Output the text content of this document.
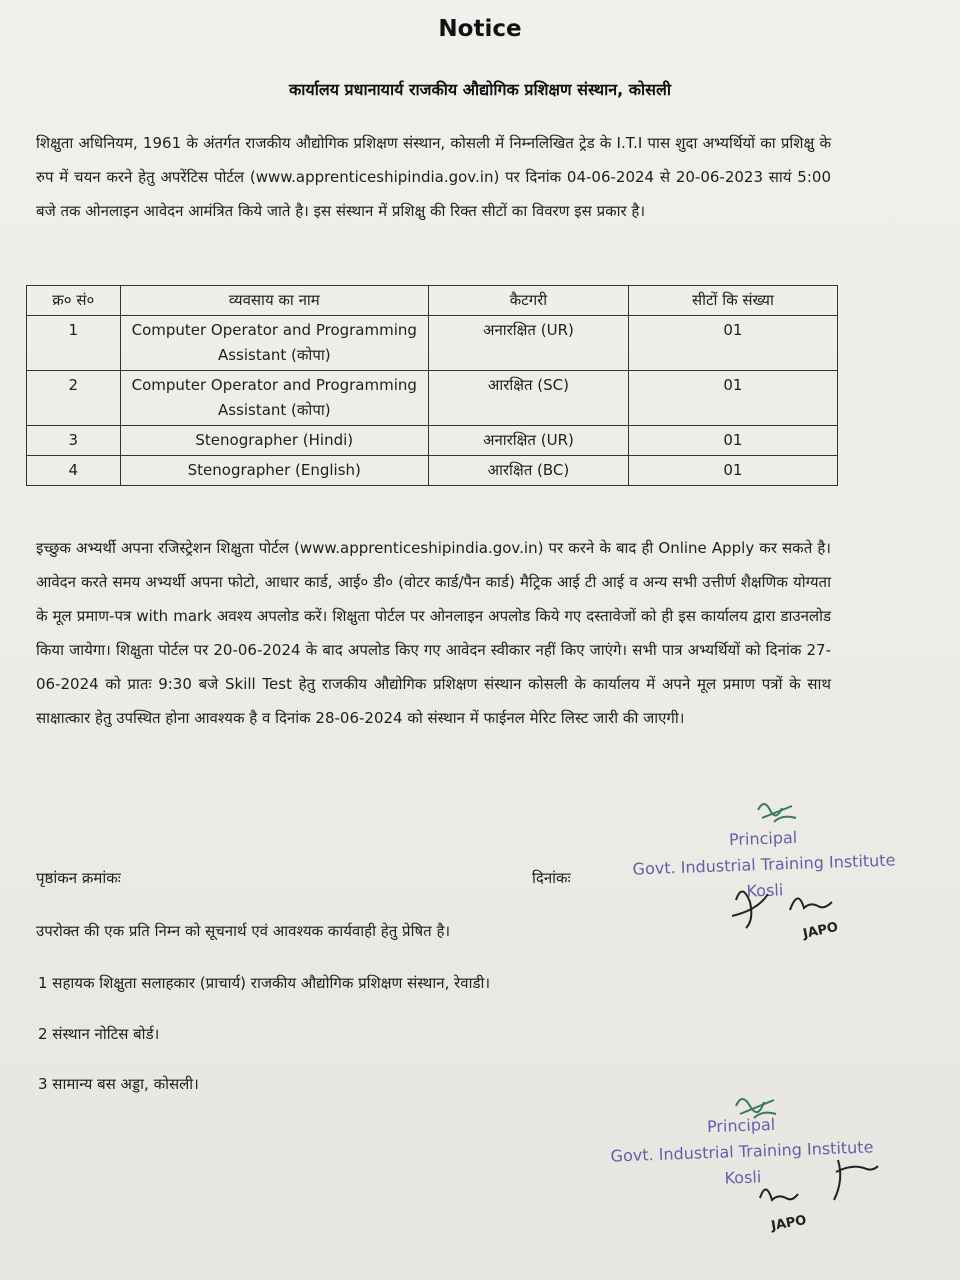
Notice
कार्यालय प्रधानायार्य राजकीय औद्योगिक प्रशिक्षण संस्थान, कोसली

शिक्षुता अधिनियम, 1961 के अंतर्गत राजकीय औद्योगिक प्रशिक्षण संस्थान, कोसली में निम्नलिखित ट्रेड के I.T.I पास शुदा अभ्यर्थियों का प्रशिक्षु के रुप में चयन करने हेतु अपरेंटिस पोर्टल (www.apprenticeshipindia.gov.in) पर दिनांक 04-06-2024 से 20-06-2023 सायं 5:00 बजे तक ओनलाइन आवेदन आमंत्रित किये जाते है। इस संस्थान में प्रशिक्षु की रिक्त सीटों का विवरण इस प्रकार है।

क्र० सं०	व्यवसाय का नाम	कैटगरी	सीटों कि संख्या
1	Computer Operator and Programming Assistant (कोपा)	अनारक्षित (UR)	01
2	Computer Operator and Programming Assistant (कोपा)	आरक्षित (SC)	01
3	Stenographer (Hindi)	अनारक्षित (UR)	01
4	Stenographer (English)	आरक्षित (BC)	01

इच्छुक अभ्यर्थी अपना रजिस्ट्रेशन शिक्षुता पोर्टल (www.apprenticeshipindia.gov.in) पर करने के बाद ही Online Apply कर सकते है। आवेदन करते समय अभ्यर्थी अपना फोटो, आधार कार्ड, आई० डी० (वोटर कार्ड/पैन कार्ड) मैट्रिक आई टी आई व अन्य सभी उत्तीर्ण शैक्षणिक योग्यता के मूल प्रमाण-पत्र with mark अवश्य अपलोड करें। शिक्षुता पोर्टल पर ओनलाइन अपलोड किये गए दस्तावेजों को ही इस कार्यालय द्वारा डाउनलोड किया जायेगा। शिक्षुता पोर्टल पर 20-06-2024 के बाद अपलोड किए गए आवेदन स्वीकार नहीं किए जाएंगे। सभी पात्र अभ्यर्थियों को दिनांक 27-06-2024 को प्रातः 9:30 बजे Skill Test हेतु राजकीय औद्योगिक प्रशिक्षण संस्थान कोसली के कार्यालय में अपने मूल प्रमाण पत्रों के साथ साक्षात्कार हेतु उपस्थित होना आवश्यक है व दिनांक 28-06-2024 को संस्थान में फाईनल मेरिट लिस्ट जारी की जाएगी।

Principal
Govt. Industrial Training Institute
Kosli
JAPO
पृष्ठांकन क्रमांकः	दिनांकः
उपरोक्त की एक प्रति निम्न को सूचनार्थ एवं आवश्यक कार्यवाही हेतु प्रेषित है।
1 सहायक शिक्षुता सलाहकार (प्राचार्य) राजकीय औद्योगिक प्रशिक्षण संस्थान, रेवाडी।
2 संस्थान नोटिस बोर्ड।
3 सामान्य बस अड्डा, कोसली।
Principal
Govt. Industrial Training Institute
Kosli
JAPO
